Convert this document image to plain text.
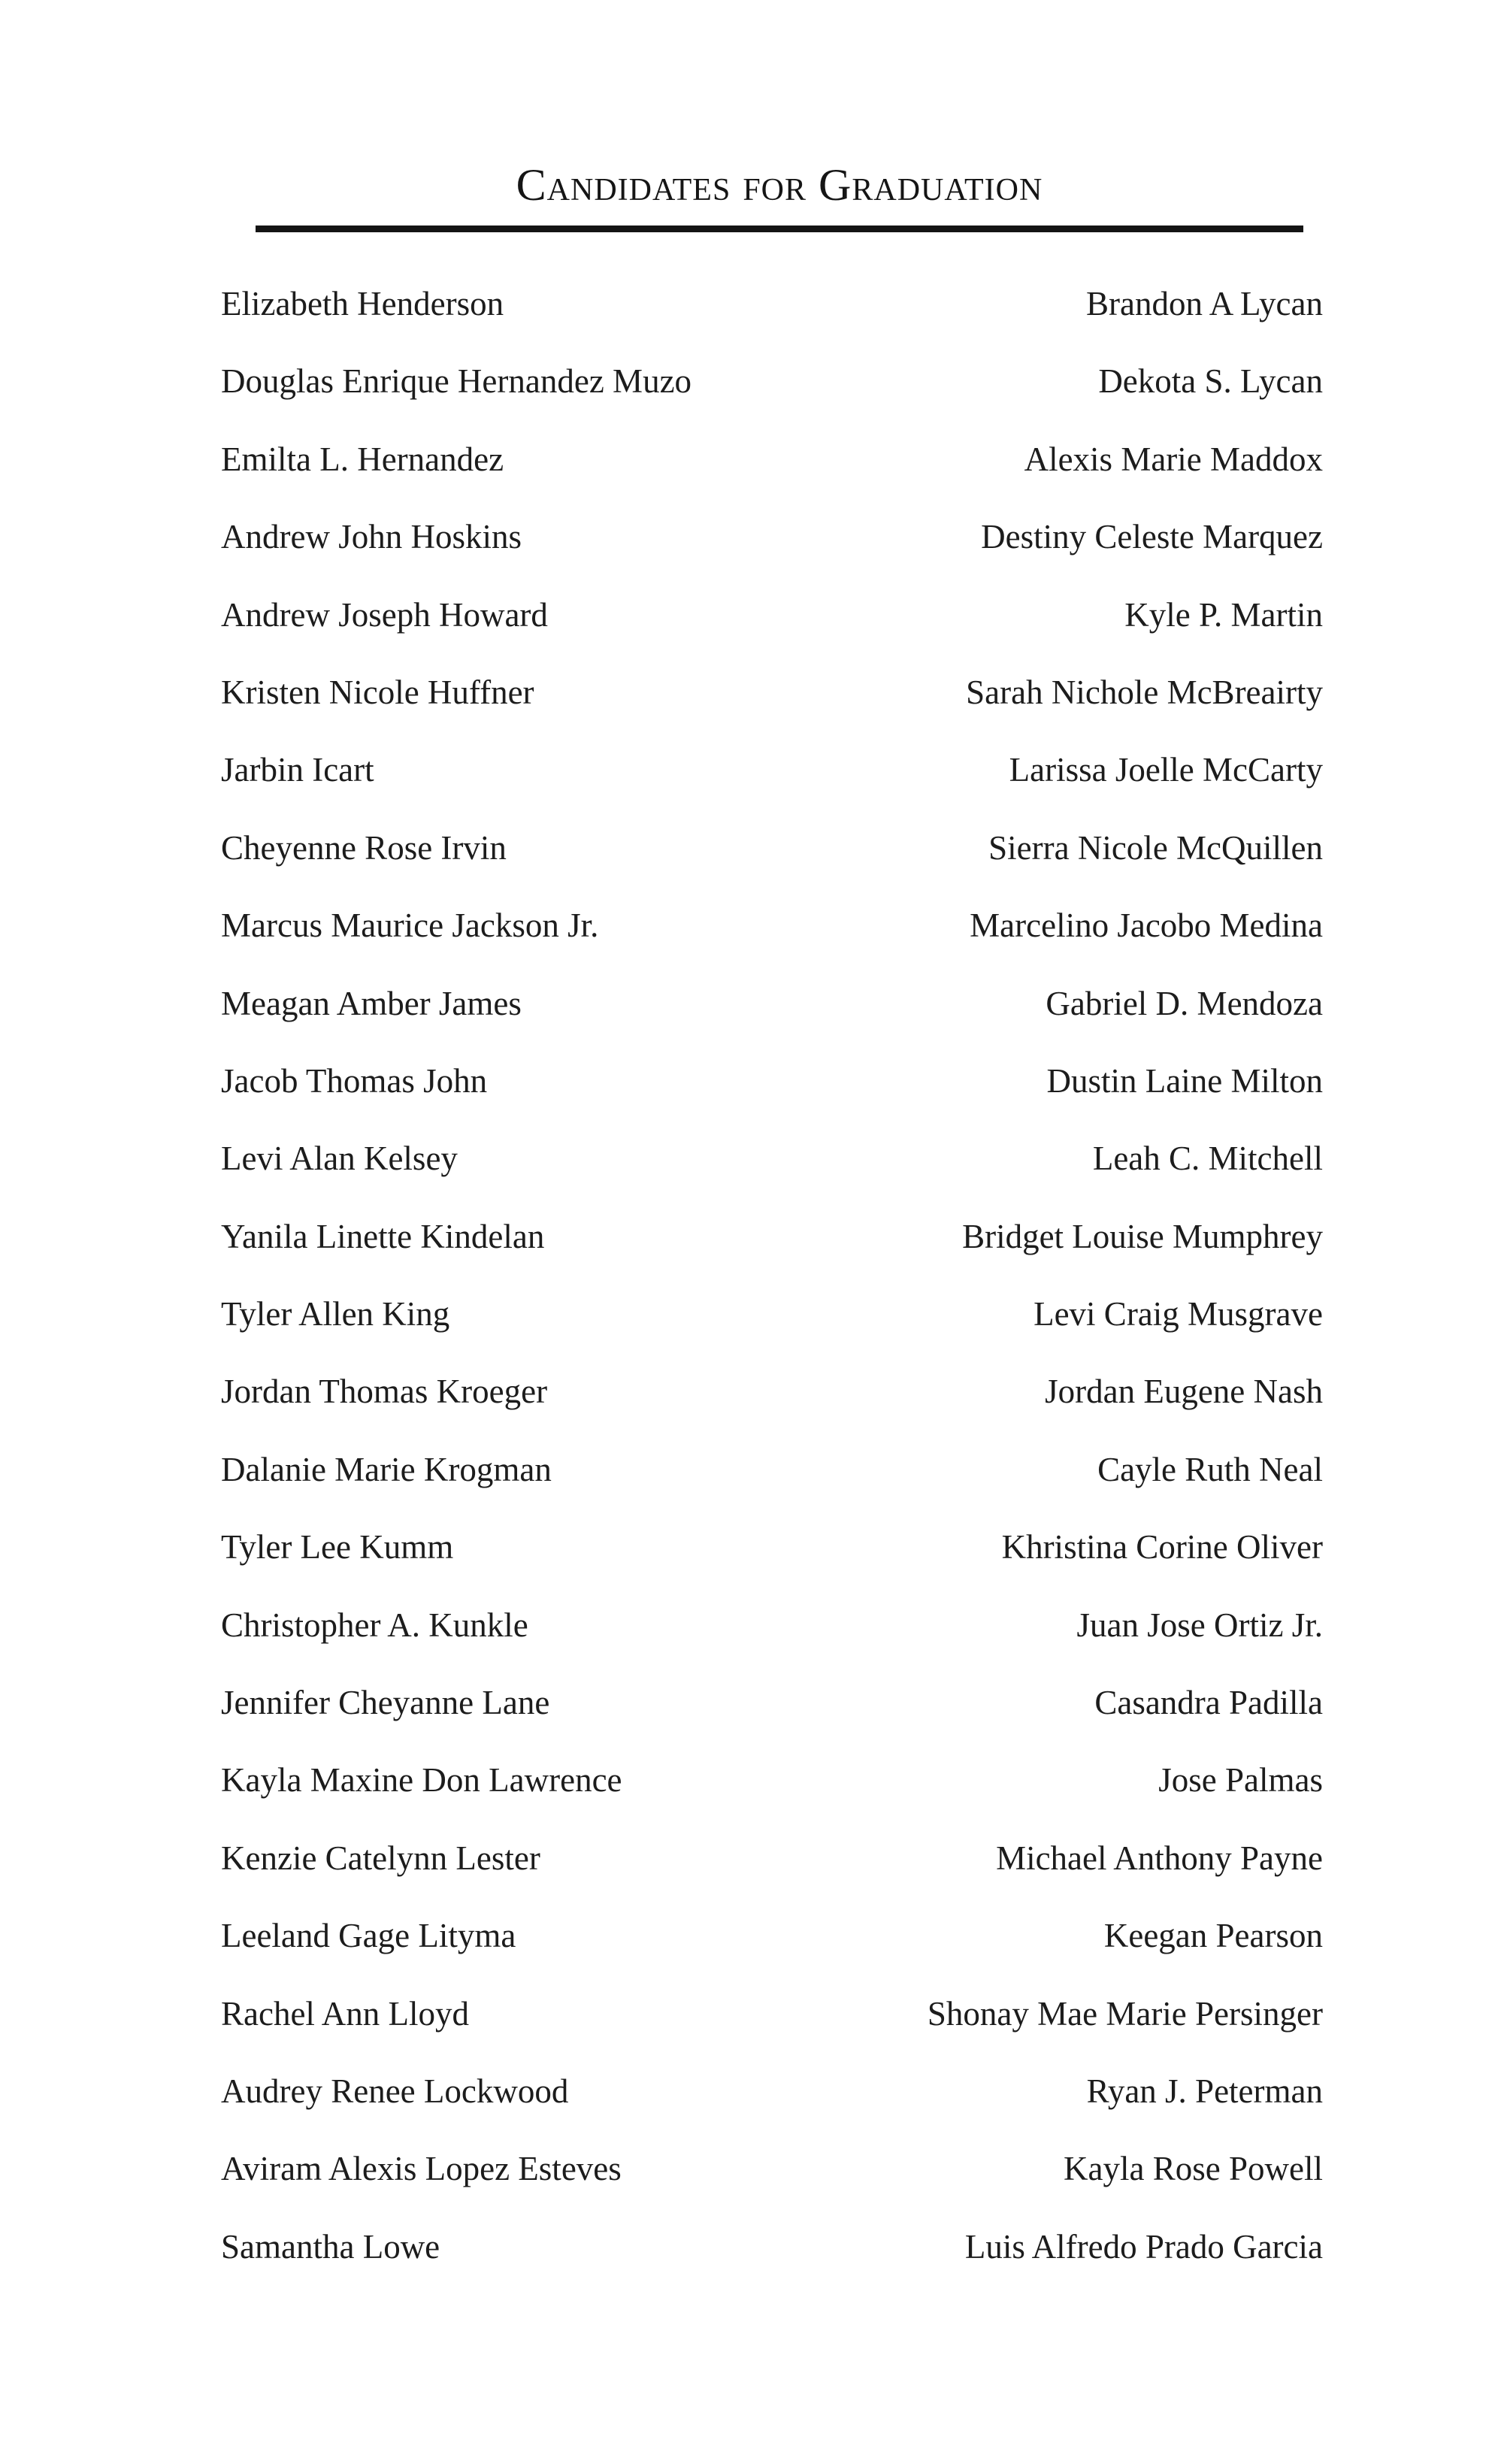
Candidates for Graduation
Elizabeth Henderson
Douglas Enrique Hernandez Muzo
Emilta L. Hernandez
Andrew John Hoskins
Andrew Joseph Howard
Kristen Nicole Huffner
Jarbin Icart
Cheyenne Rose Irvin
Marcus Maurice Jackson Jr.
Meagan Amber James
Jacob Thomas John
Levi Alan Kelsey
Yanila Linette Kindelan
Tyler Allen King
Jordan Thomas Kroeger
Dalanie Marie Krogman
Tyler Lee Kumm
Christopher A. Kunkle
Jennifer Cheyanne Lane
Kayla Maxine Don Lawrence
Kenzie Catelynn Lester
Leeland Gage Lityma
Rachel Ann Lloyd
Audrey Renee Lockwood
Aviram Alexis Lopez Esteves
Samantha Lowe
Brandon A Lycan
Dekota S. Lycan
Alexis Marie Maddox
Destiny Celeste Marquez
Kyle P. Martin
Sarah Nichole McBreairty
Larissa Joelle McCarty
Sierra Nicole McQuillen
Marcelino Jacobo Medina
Gabriel D. Mendoza
Dustin Laine Milton
Leah C. Mitchell
Bridget Louise Mumphrey
Levi Craig Musgrave
Jordan Eugene Nash
Cayle Ruth Neal
Khristina Corine Oliver
Juan Jose Ortiz Jr.
Casandra Padilla
Jose Palmas
Michael Anthony Payne
Keegan Pearson
Shonay Mae Marie Persinger
Ryan J. Peterman
Kayla Rose Powell
Luis Alfredo Prado Garcia
